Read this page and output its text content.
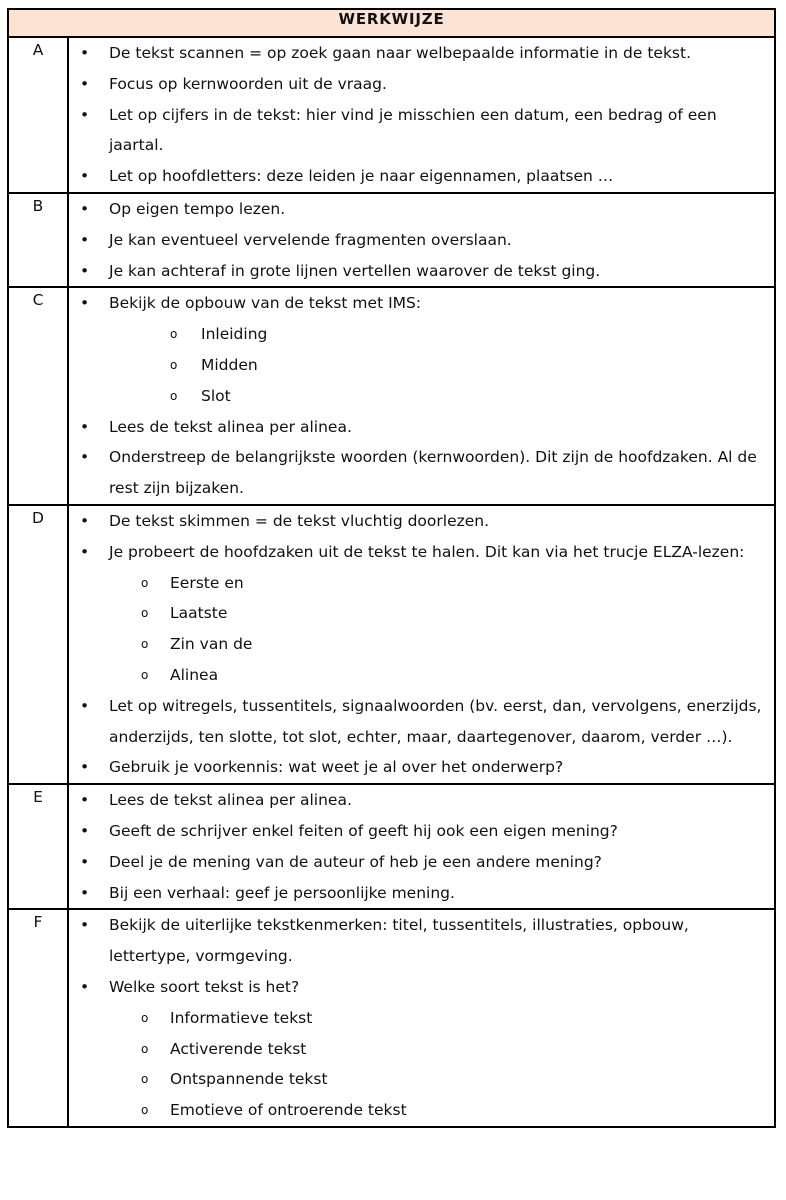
WERKWIJZE	
A	
•De tekst scannen = op zoek gaan naar welbepaalde informatie in de tekst.
•
Focus op kernwoorden uit de vraag.
•
Let op cijfers in de tekst: hier vind je misschien een datum, een bedrag of een jaartal.
•
Let op hoofdletters: deze leiden je naar eigennamen, plaatsen …

B	
•Op eigen tempo lezen.
•
Je kan eventueel vervelende fragmenten overslaan.
•
Je kan achteraf in grote lijnen vertellen waarover de tekst ging.

C	
•Bekijk de opbouw van de tekst met IMS:
o
Inleiding
o
Midden
o
Slot
•
Lees de tekst alinea per alinea.
•
Onderstreep de belangrijkste woorden (kernwoorden). Dit zijn de hoofdzaken. Al de rest zijn bijzaken.

D	
•De tekst skimmen = de tekst vluchtig doorlezen.
•
Je probeert de hoofdzaken uit de tekst te halen. Dit kan via het trucje ELZA-lezen:
o
Eerste en
o
Laatste
o
Zin van de
o
Alinea
•
Let op witregels, tussentitels, signaalwoorden (bv. eerst, dan, vervolgens, enerzijds, anderzijds, ten slotte, tot slot, echter, maar, daartegenover, daarom, verder …).
•
Gebruik je voorkennis: wat weet je al over het onderwerp?

E	
•Lees de tekst alinea per alinea.
•
Geeft de schrijver enkel feiten of geeft hij ook een eigen mening?
•
Deel je de mening van de auteur of heb je een andere mening?
•
Bij een verhaal: geef je persoonlijke mening.

F	
•Bekijk de uiterlijke tekstkenmerken: titel, tussentitels, illustraties, opbouw, lettertype, vormgeving.
•
Welke soort tekst is het?
o
Informatieve tekst
o
Activerende tekst
o
Ontspannende tekst
o
Emotieve of ontroerende tekst
